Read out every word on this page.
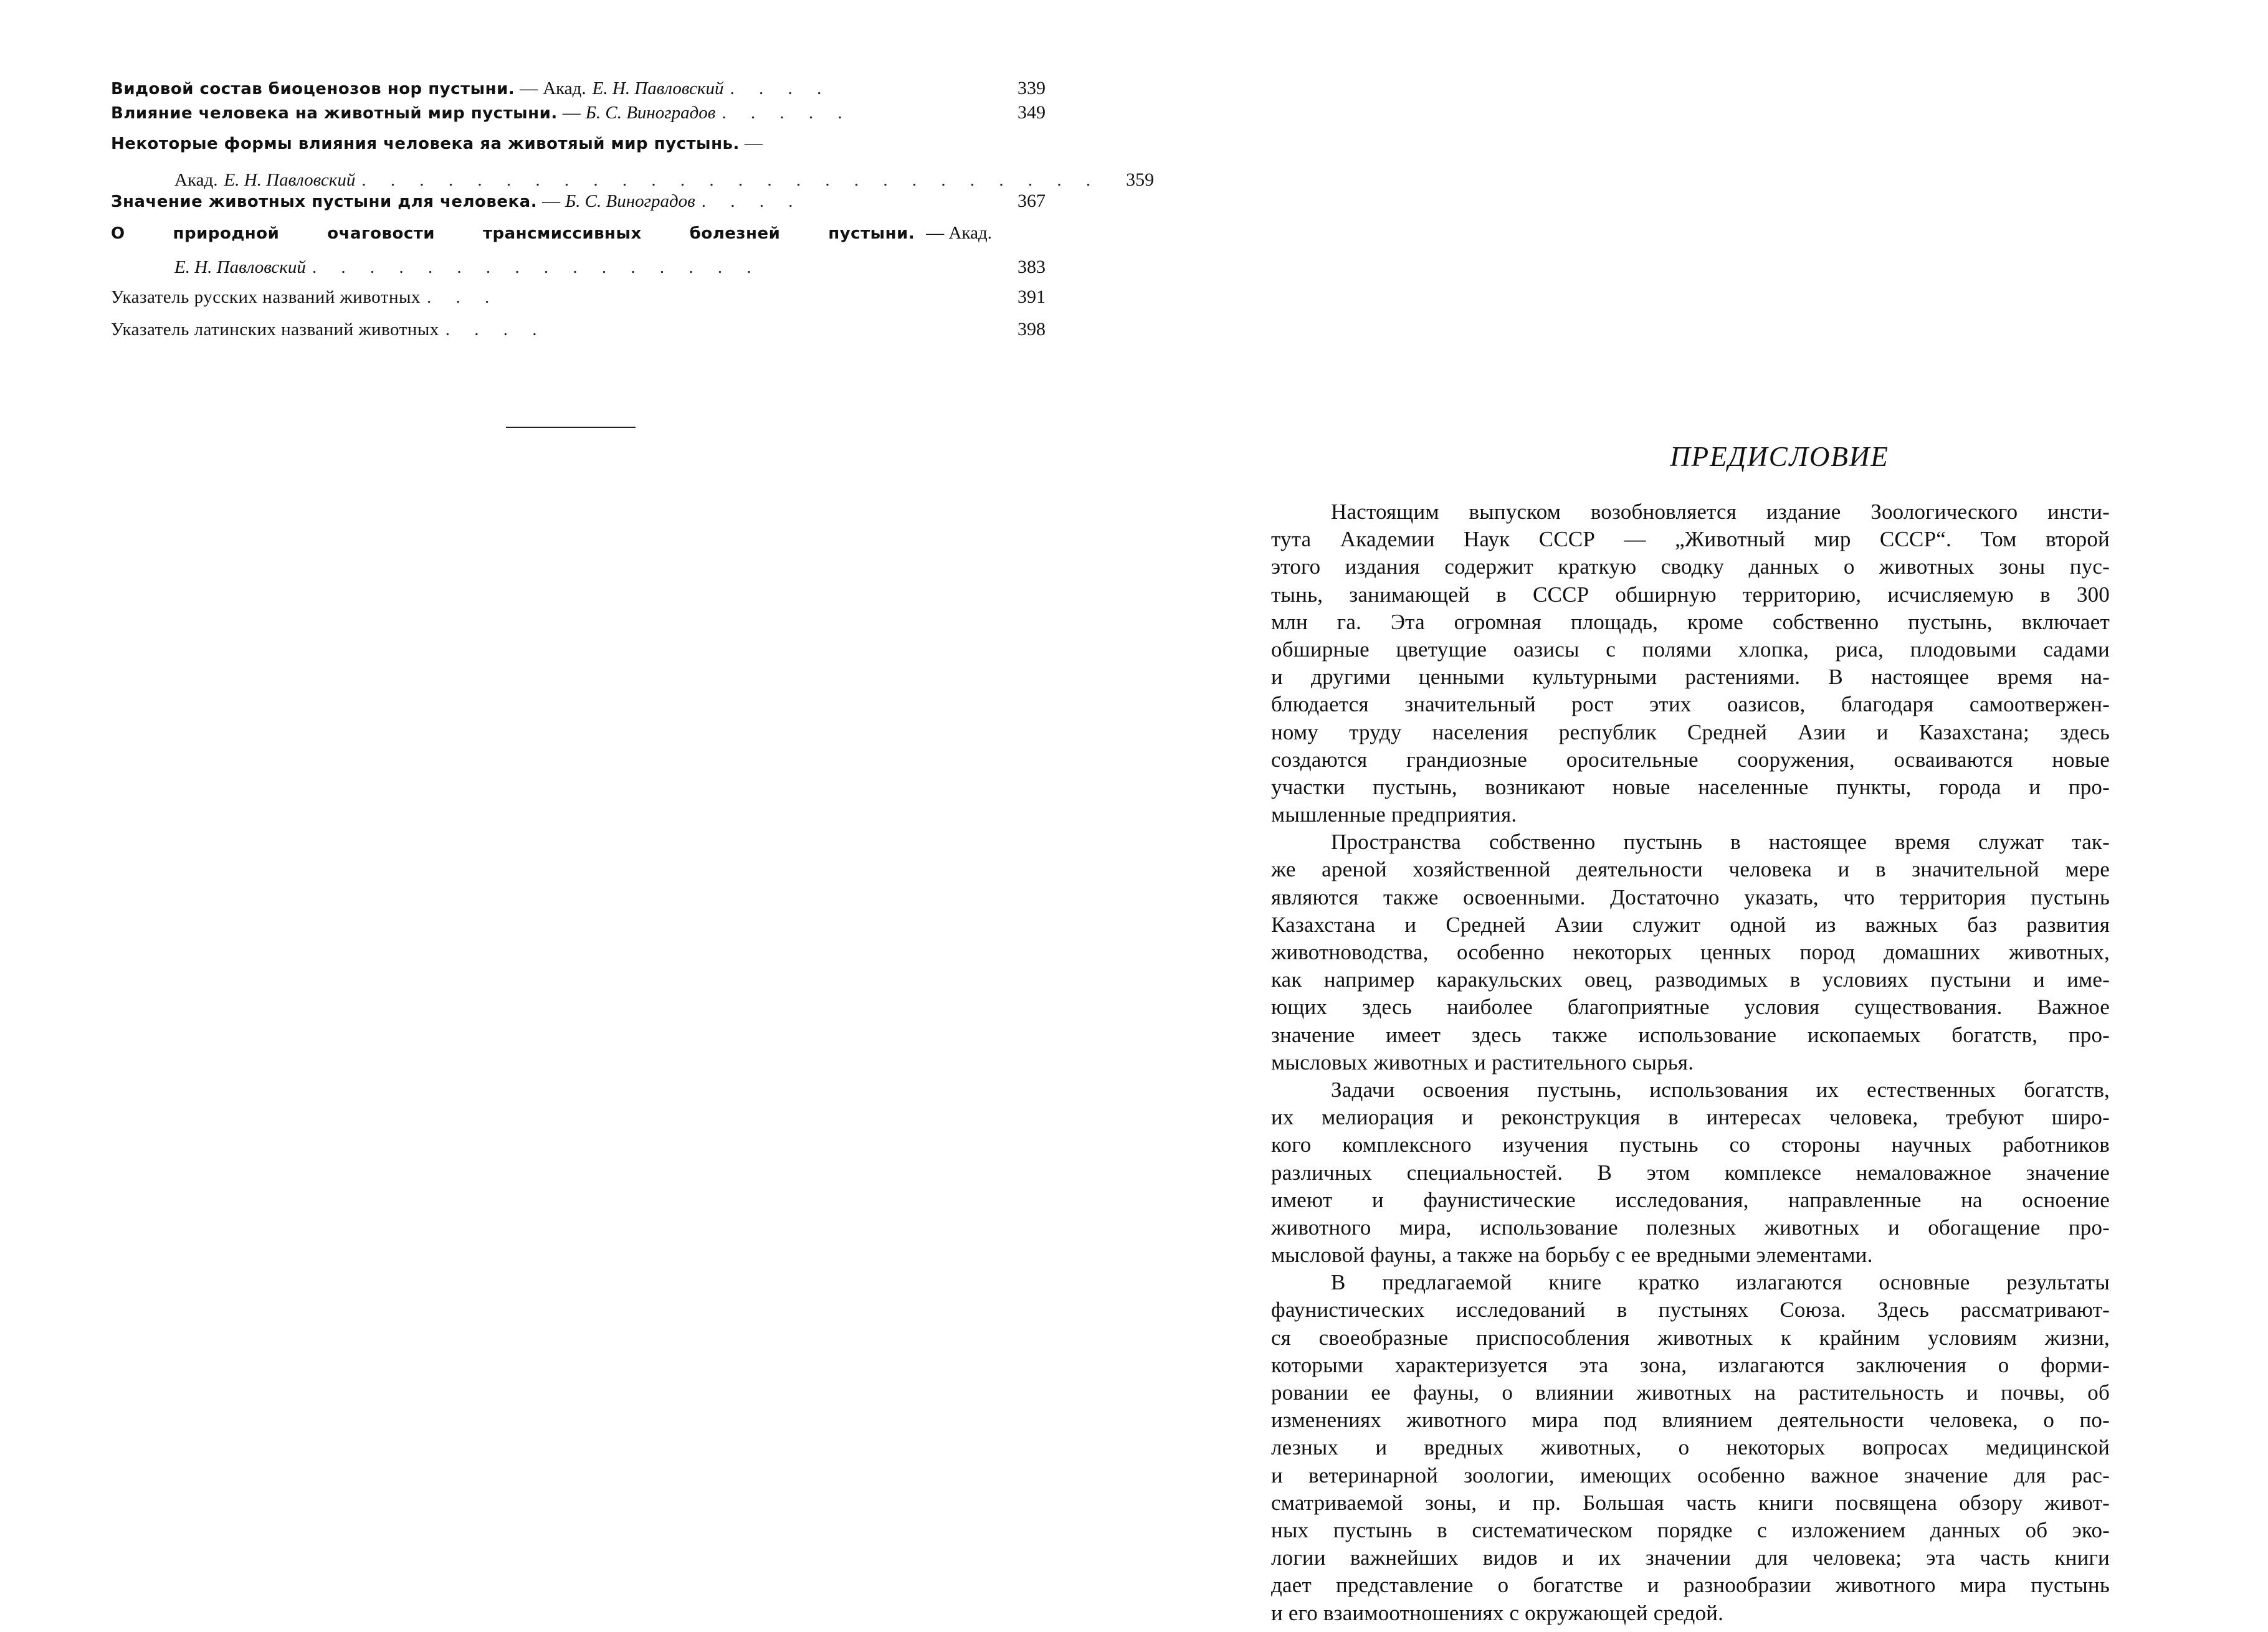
Видовой состав биоценозов нор пустыни. — Акад. Е. Н. Павловский . . . .	339
Влияние человека на животный мир пустыни. — Б. С. Виноградов . . . . .	349
Некоторые формы влияния человека яа животяый мир пустынь. —
Акад. Е. Н. Павловский . . . . . . . . . . . . . . . . . . . . . . . . . .	359
Значение животных пустыни для человека. — Б. С. Виноградов . . . .	367
О	природной	очаговости	трансмиссивных	болезней	пустыни. — Акад.
Е. Н. Павловский . . . . . . . . . . . . . . . .	383
Указатель русских названий животных . . .	391
Указатель латинских названий животных . . . .	398
ПРЕДИСЛОВИЕ
Настоящим выпуском возобновляется издание Зоологического инсти-
тута Академии Наук СССР — „Животный мир СССР“. Том второй
этого издания содержит краткую сводку данных о животных зоны пус-
тынь, занимающей в СССР обширную территорию, исчисляемую в 300
млн га. Эта огромная площадь, кроме собственно пустынь, включает
обширные цветущие оазисы с полями хлопка, риса, плодовыми садами
и другими ценными культурными растениями. В настоящее время на-
блюдается значительный рост этих оазисов, благодаря самоотвержен-
ному труду населения республик Средней Азии и Казахстана; здесь
создаются грандиозные оросительные сооружения, осваиваются новые
участки пустынь, возникают новые населенные пункты, города и про-
мышленные предприятия.
Пространства собственно пустынь в настоящее время служат так-
же ареной хозяйственной деятельности человека и в значительной мере
являются также освоенными. Достаточно указать, что территория пустынь
Казахстана и Средней Азии служит одной из важных баз развития
животноводства, особенно некоторых ценных пород домашних животных,
как например каракульских овец, разводимых в условиях пустыни и име-
ющих здесь наиболее благоприятные условия существования. Важное
значение имеет здесь также использование ископаемых богатств, про-
мысловых животных и растительного сырья.
Задачи освоения пустынь, использования их естественных богатств,
их мелиорация и реконструкция в интересах человека, требуют широ-
кого комплексного изучения пустынь со стороны научных работников
различных специальностей. В этом комплексе немаловажное значение
имеют и фаунистические исследования, направленные на осноение
животного мира, использование полезных животных и обогащение про-
мысловой фауны, а также на борьбу с ее вредными элементами.
В предлагаемой книге кратко излагаются основные результаты
фаунистических исследований в пустынях Союза. Здесь рассматривают-
ся своеобразные приспособления животных к крайним условиям жизни,
которыми характеризуется эта зона, излагаются заключения о форми-
ровании ее фауны, о влиянии животных на растительность и почвы, об
изменениях животного мира под влиянием деятельности человека, о по-
лезных и вредных животных, о некоторых вопросах медицинской
и ветеринарной зоологии, имеющих особенно важное значение для рас-
сматриваемой зоны, и пр. Большая часть книги посвящена обзору живот-
ных пустынь в систематическом порядке с изложением данных об эко-
логии важнейших видов и их значении для человека; эта часть книги
дает представление о богатстве и разнообразии животного мира пустынь
и его взаимоотношениях с окружающей средой.
